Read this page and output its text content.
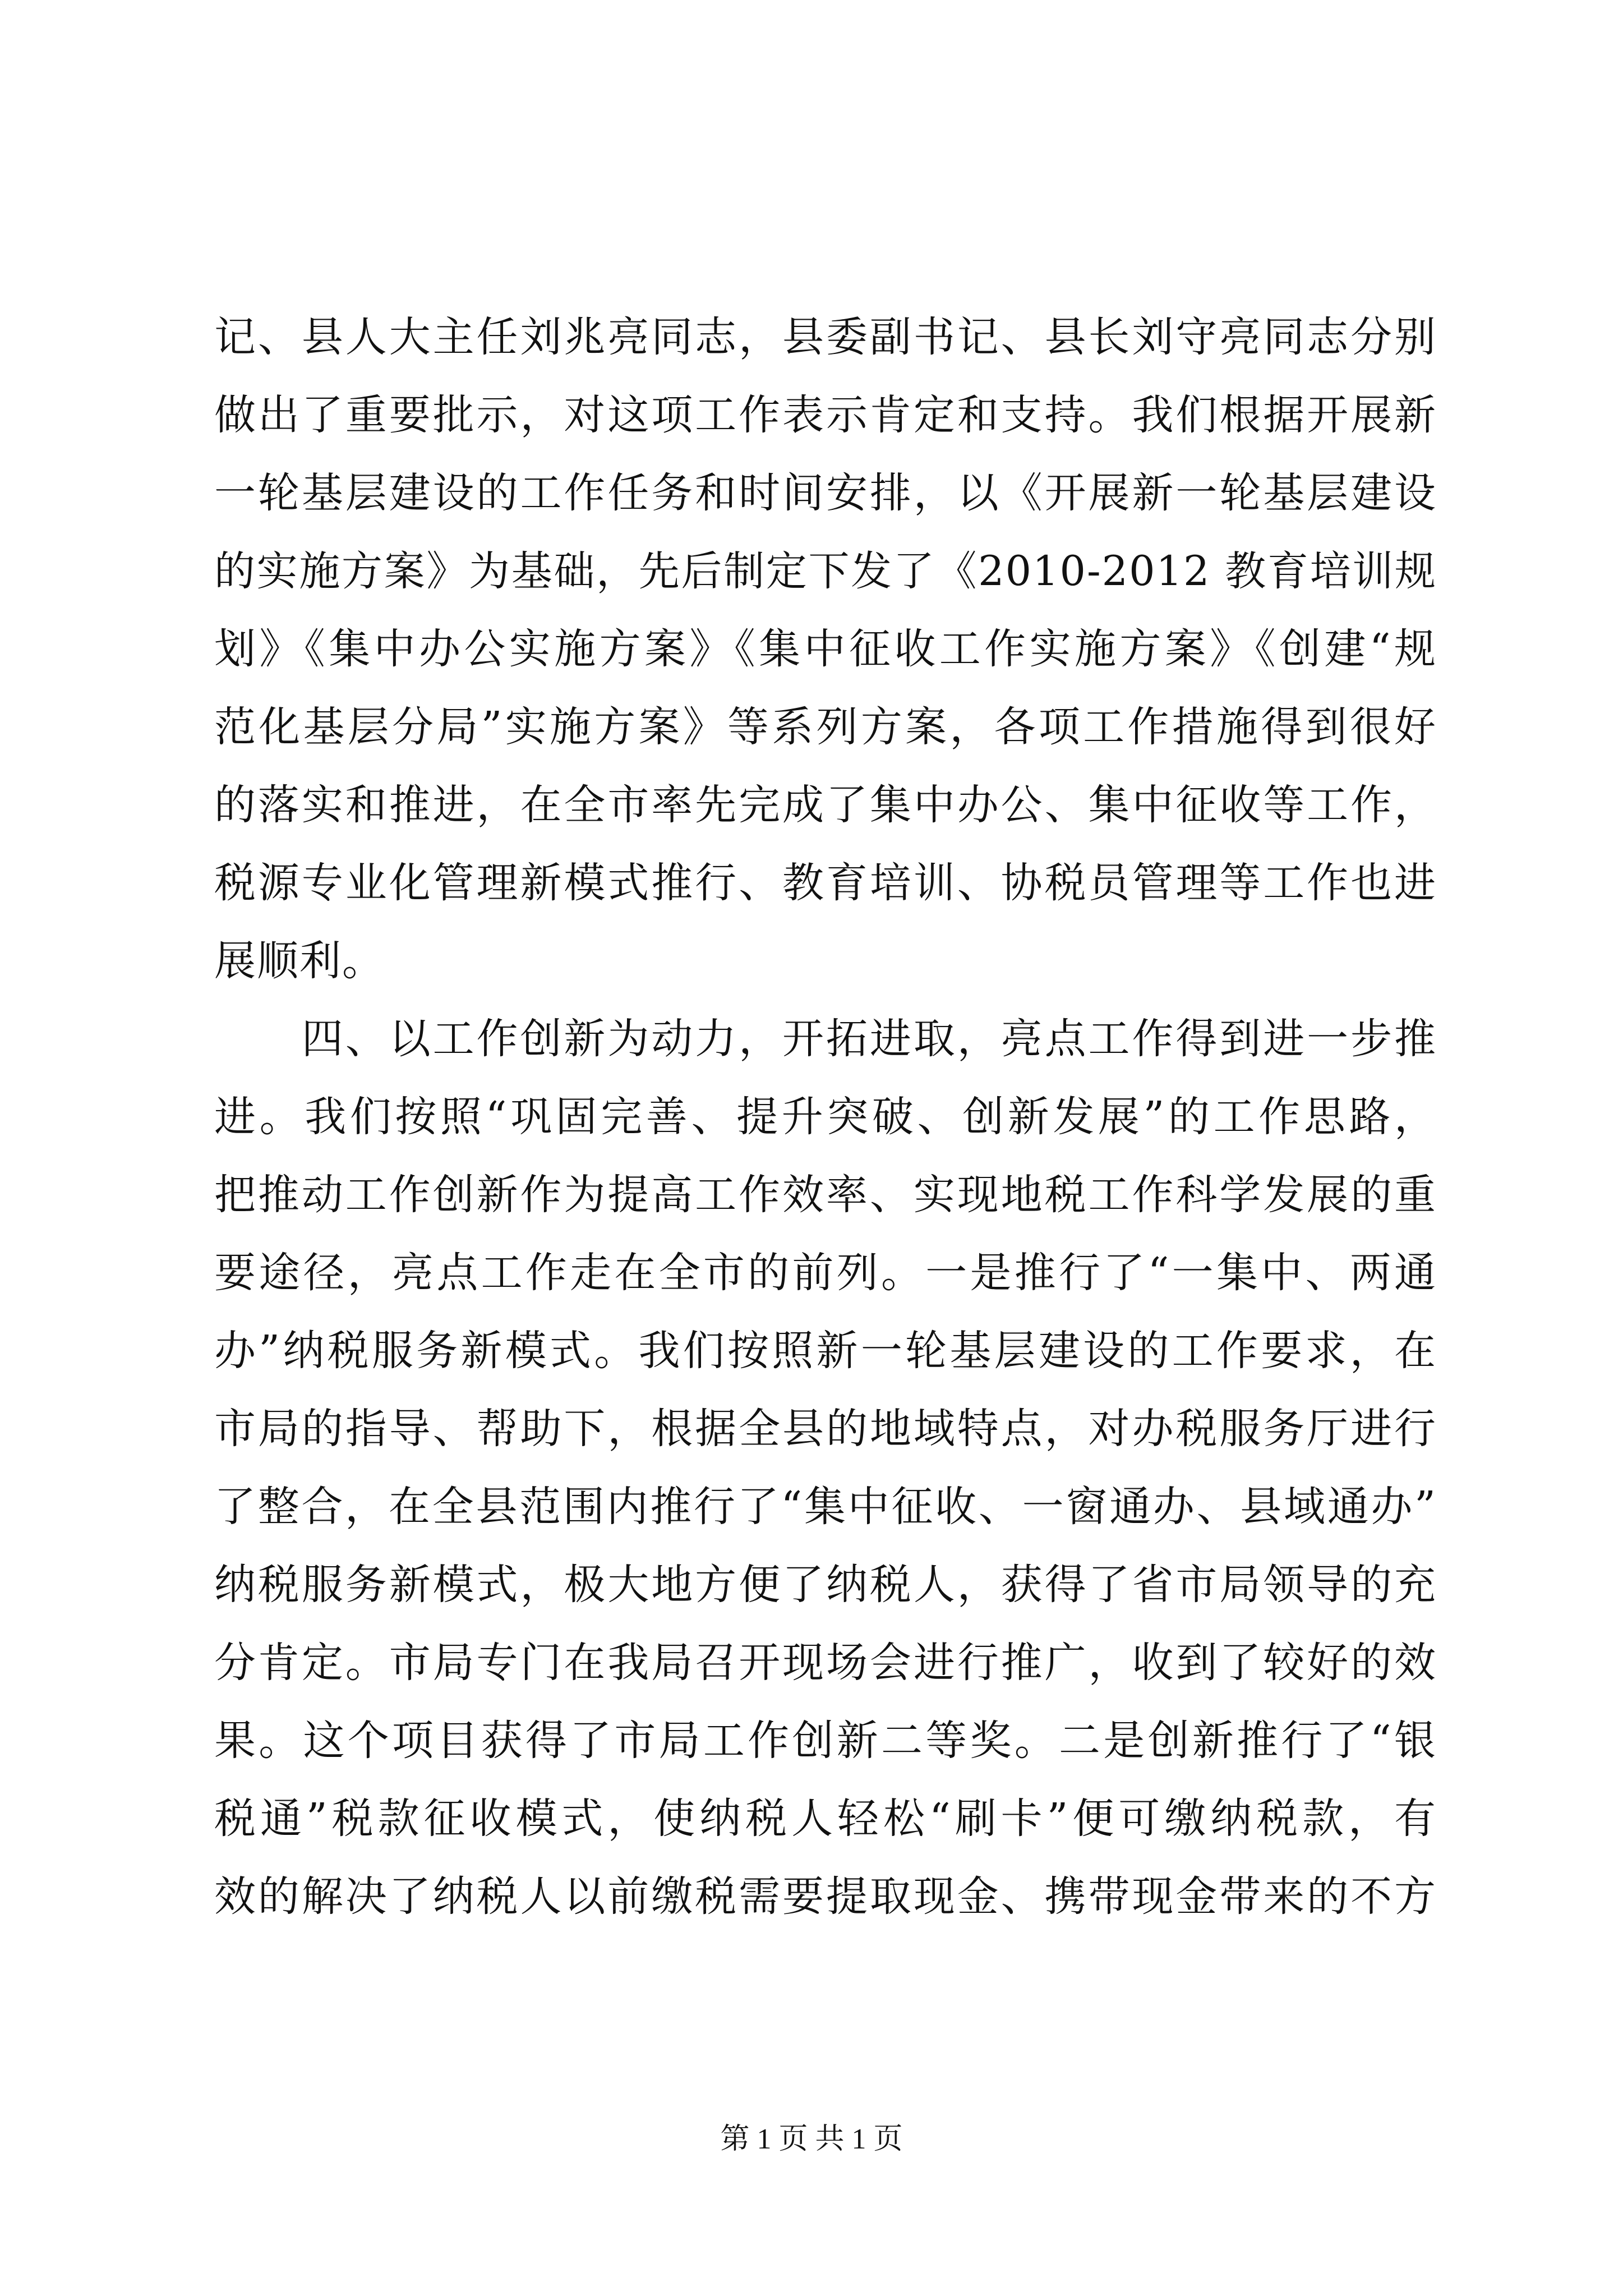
记、县人大主任刘兆亮同志，县委副书记、县长刘守亮同志分别
做出了重要批示，对这项工作表示肯定和支持。我们根据开展新
一轮基层建设的工作任务和时间安排，以《开展新一轮基层建设
的实施方案》为基础，先后制定下发了《2010-2012 教育培训规
划》《集中办公实施方案》《集中征收工作实施方案》《创建“规
范化基层分局”实施方案》等系列方案，各项工作措施得到很好
的落实和推进，在全市率先完成了集中办公、集中征收等工作，
税源专业化管理新模式推行、教育培训、协税员管理等工作也进
展顺利。
　　四、以工作创新为动力，开拓进取，亮点工作得到进一步推
进。我们按照“巩固完善、提升突破、创新发展”的工作思路，
把推动工作创新作为提高工作效率、实现地税工作科学发展的重
要途径，亮点工作走在全市的前列。一是推行了“一集中、两通
办”纳税服务新模式。我们按照新一轮基层建设的工作要求，在
市局的指导、帮助下，根据全县的地域特点，对办税服务厅进行
了整合，在全县范围内推行了“集中征收、一窗通办、县域通办”
纳税服务新模式，极大地方便了纳税人，获得了省市局领导的充
分肯定。市局专门在我局召开现场会进行推广，收到了较好的效
果。这个项目获得了市局工作创新二等奖。二是创新推行了“银
税通”税款征收模式，使纳税人轻松“刷卡”便可缴纳税款，有
效的解决了纳税人以前缴税需要提取现金、携带现金带来的不方
第 1 页 共 1 页
